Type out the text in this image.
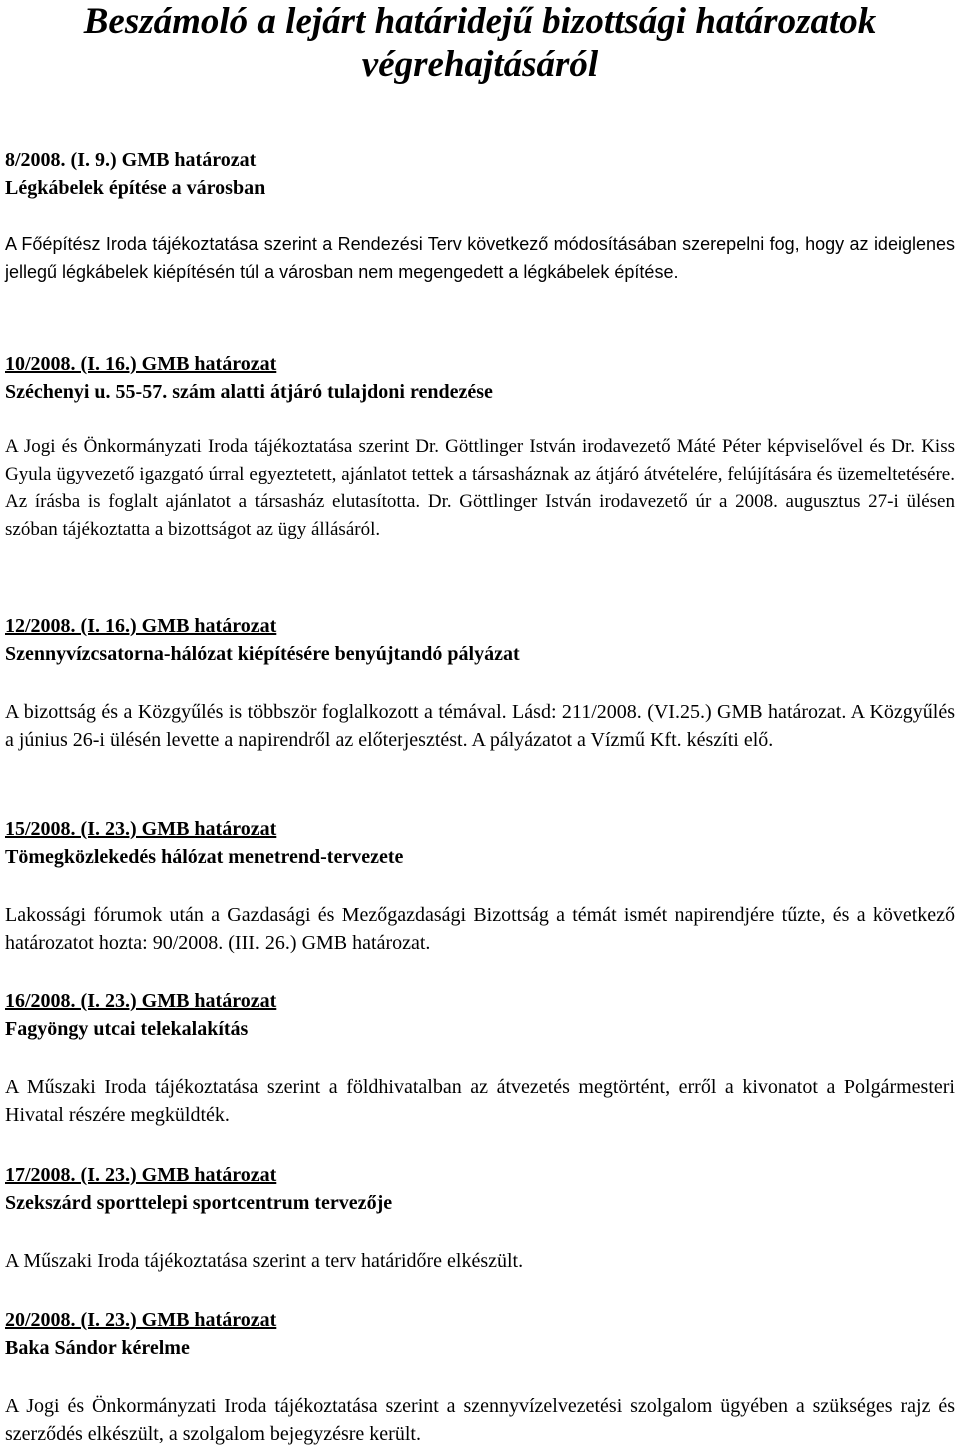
Beszámoló a lejárt határidejű bizottsági határozatok
végrehajtásáról

8/2008. (I. 9.) GMB határozat

Légkábelek építése a városban

A Főépítész Iroda tájékoztatása szerint a Rendezési Terv következő módosításában szerepelni fog, hogy az ideiglenes jellegű légkábelek kiépítésén túl a városban nem megengedett a légkábelek építése.

10/2008. (I. 16.) GMB határozat

Széchenyi u. 55-57. szám alatti átjáró tulajdoni rendezése

A Jogi és Önkormányzati Iroda tájékoztatása szerint Dr. Göttlinger István irodavezető Máté Péter képviselővel és Dr. Kiss Gyula ügyvezető igazgató úrral egyeztetett, ajánlatot tettek a társasháznak az átjáró átvételére, felújítására és üzemeltetésére. Az írásba is foglalt ajánlatot a társasház elutasította. Dr. Göttlinger István irodavezető úr a 2008. augusztus 27-i ülésen szóban tájékoztatta a bizottságot az ügy állásáról.

12/2008. (I. 16.) GMB határozat

Szennyvízcsatorna-hálózat kiépítésére benyújtandó pályázat

A bizottság és a Közgyűlés is többször foglalkozott a témával. Lásd: 211/2008. (VI.25.) GMB határozat. A Közgyűlés a június 26-i ülésén levette a napirendről az előterjesztést. A pályázatot a Vízmű Kft. készíti elő.

15/2008. (I. 23.) GMB határozat

Tömegközlekedés hálózat menetrend-tervezete

Lakossági fórumok után a Gazdasági és Mezőgazdasági Bizottság a témát ismét napirendjére tűzte, és a következő határozatot hozta: 90/2008. (III. 26.) GMB határozat.

16/2008. (I. 23.) GMB határozat

Fagyöngy utcai telekalakítás

A Műszaki Iroda tájékoztatása szerint a földhivatalban az átvezetés megtörtént, erről a kivonatot a Polgármesteri Hivatal részére megküldték.

17/2008. (I. 23.) GMB határozat

Szekszárd sporttelepi sportcentrum tervezője

A Műszaki Iroda tájékoztatása szerint a terv határidőre elkészült.

20/2008. (I. 23.) GMB határozat

Baka Sándor kérelme

A Jogi és Önkormányzati Iroda tájékoztatása szerint a szennyvízelvezetési szolgalom ügyében a szükséges rajz és szerződés elkészült, a szolgalom bejegyzésre került.
